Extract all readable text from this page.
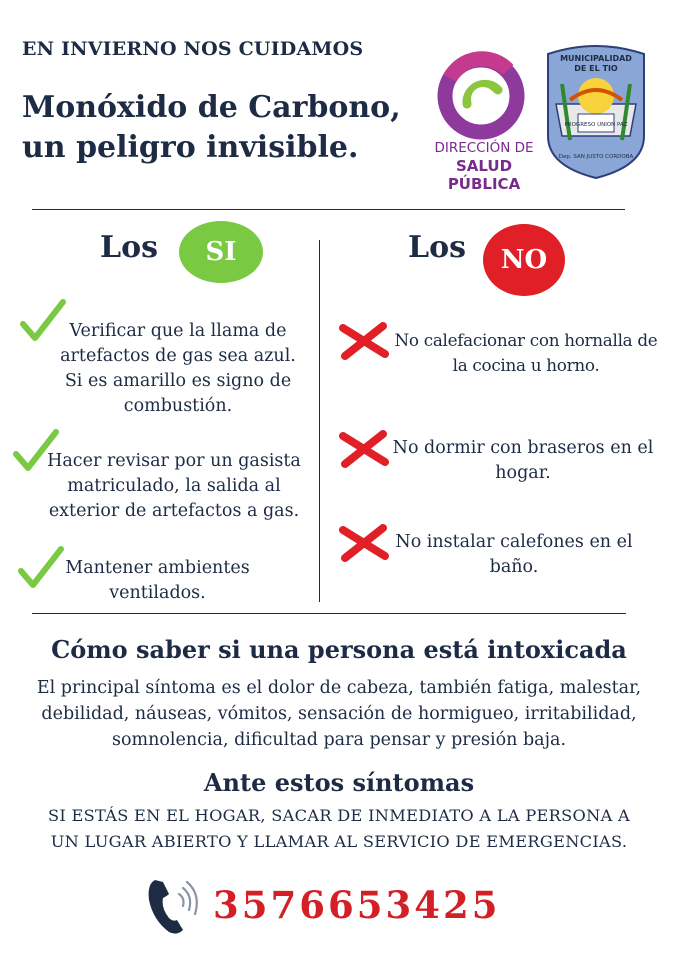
EN INVIERNO NOS CUIDAMOS
Monóxido de Carbono,
un peligro invisible.	DIRECCIÓN DE
SALUD PÚBLICA
MUNICIPALIDAD
DE EL TIO
PROGRESO UNION PAZ
Dep. SAN JUSTO CORDOBA
Los	SI	Los	NO
Verificar que la llama de
artefactos de gas sea azul.
Si es amarillo es signo de
combustión.
Hacer revisar por un gasista
matriculado, la salida al
exterior de artefactos a gas.
Mantener ambientes
ventilados.
No calefacionar con hornalla de
la cocina u horno.
No dormir con braseros en el
hogar.
No instalar calefones en el
baño.
Cómo saber si una persona está intoxicada
El principal síntoma es el dolor de cabeza, también fatiga, malestar,
debilidad, náuseas, vómitos, sensación de hormigueo, irritabilidad,
somnolencia, dificultad para pensar y presión baja.
Ante estos síntomas
SI ESTÁS EN EL HOGAR, SACAR DE INMEDIATO A LA PERSONA A
UN LUGAR ABIERTO Y LLAMAR AL SERVICIO DE EMERGENCIAS.
3576653425
